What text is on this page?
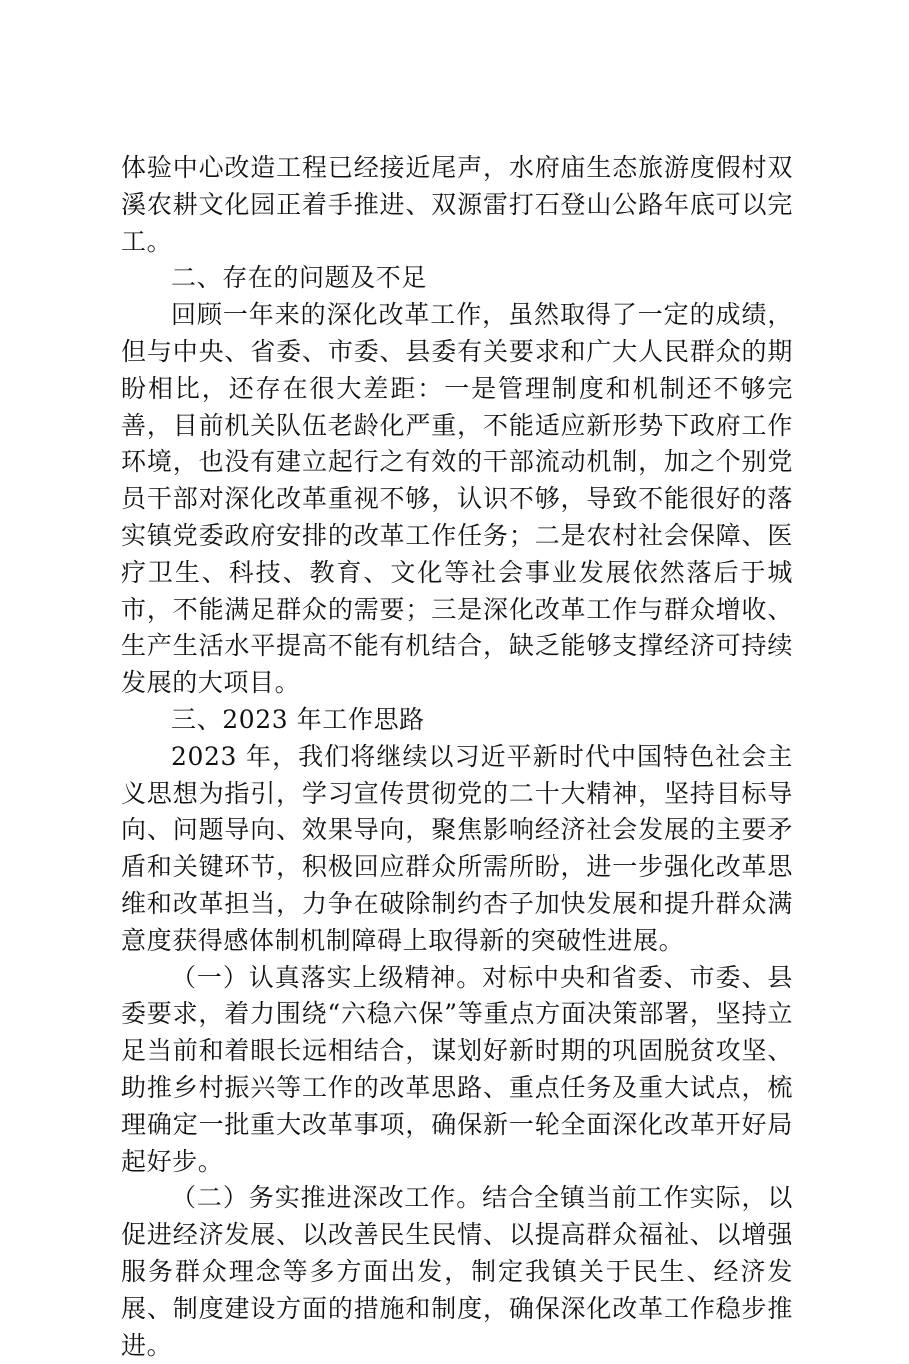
体验中心改造工程已经接近尾声，水府庙生态旅游度假村双溪农耕文化园正着手推进、双源雷打石登山公路年底可以完工。

二、存在的问题及不足

回顾一年来的深化改革工作，虽然取得了一定的成绩，但与中央、省委、市委、县委有关要求和广大人民群众的期盼相比，还存在很大差距：一是管理制度和机制还不够完善，目前机关队伍老龄化严重，不能适应新形势下政府工作环境，也没有建立起行之有效的干部流动机制，加之个别党员干部对深化改革重视不够，认识不够，导致不能很好的落实镇党委政府安排的改革工作任务；二是农村社会保障、医疗卫生、科技、教育、文化等社会事业发展依然落后于城市，不能满足群众的需要；三是深化改革工作与群众增收、生产生活水平提高不能有机结合，缺乏能够支撑经济可持续发展的大项目。

三、2023 年工作思路

2023 年，我们将继续以习近平新时代中国特色社会主义思想为指引，学习宣传贯彻党的二十大精神，坚持目标导向、问题导向、效果导向，聚焦影响经济社会发展的主要矛盾和关键环节，积极回应群众所需所盼，进一步强化改革思维和改革担当，力争在破除制约杏子加快发展和提升群众满意度获得感体制机制障碍上取得新的突破性进展。

（一）认真落实上级精神。对标中央和省委、市委、县委要求，着力围绕“六稳六保”等重点方面决策部署，坚持立足当前和着眼长远相结合，谋划好新时期的巩固脱贫攻坚、助推乡村振兴等工作的改革思路、重点任务及重大试点，梳理确定一批重大改革事项，确保新一轮全面深化改革开好局起好步。

（二）务实推进深改工作。结合全镇当前工作实际，以促进经济发展、以改善民生民情、以提高群众福祉、以增强服务群众理念等多方面出发，制定我镇关于民生、经济发展、制度建设方面的措施和制度，确保深化改革工作稳步推进。
